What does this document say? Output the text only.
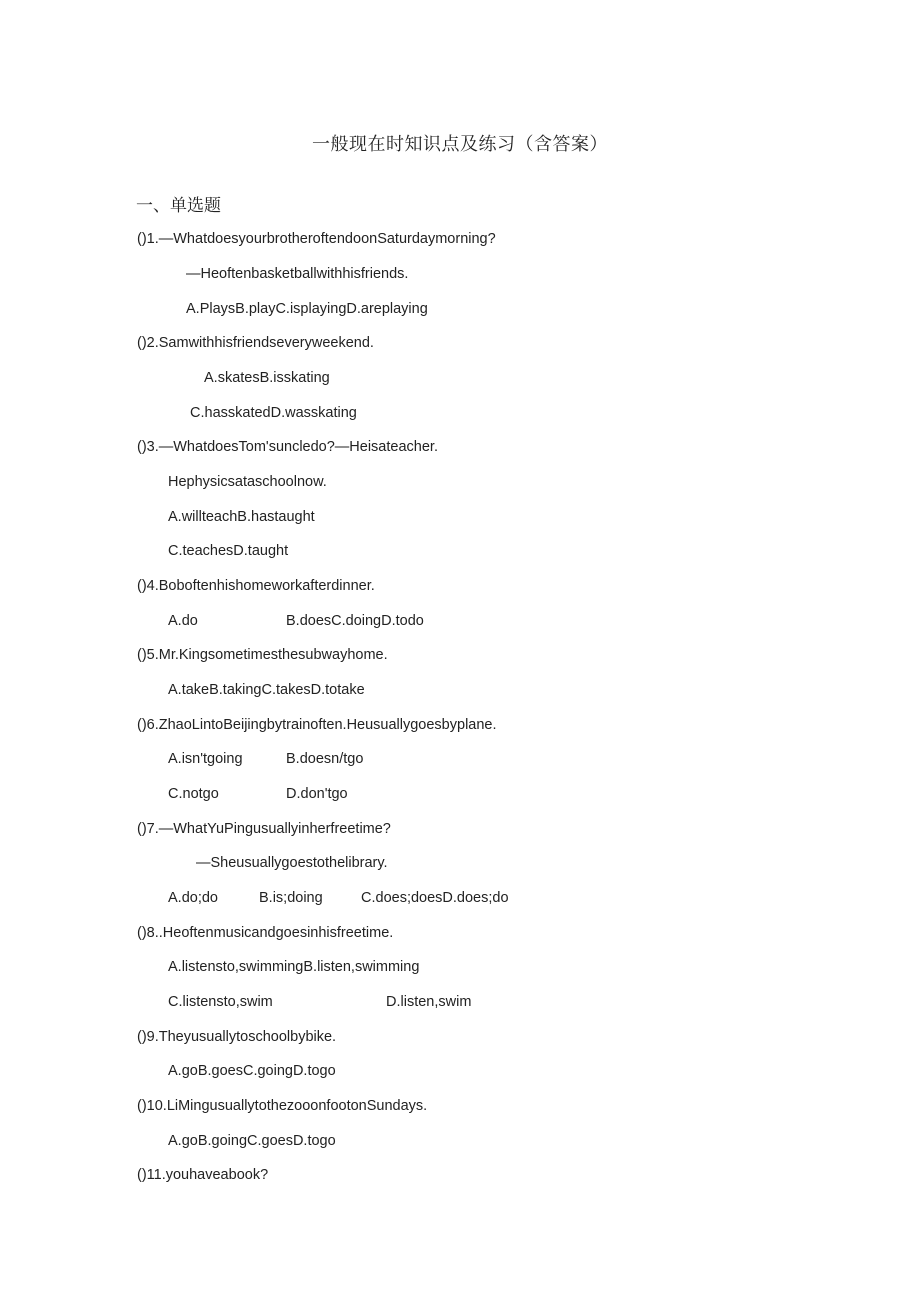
一般现在时知识点及练习（含答案）
一、单选题
()1.—WhatdoesyourbrotheroftendoonSaturdaymorning?
—Heoftenbasketballwithhisfriends.
A.PlaysB.playC.isplayingD.areplaying
()2.Samwithhisfriendseveryweekend.
A.skatesB.isskating
C.hasskatedD.wasskating
()3.—WhatdoesTom'suncledo?—Heisateacher.
Hephysicsataschoolnow.
A.willteachB.hastaught
C.teachesD.taught
()4.Boboftenhishomeworkafterdinner.
A.do	B.doesC.doingD.todo
()5.Mr.Kingsometimesthesubwayhome.
A.takeB.takingC.takesD.totake
()6.ZhaoLintoBeijingbytrainoften.Heusuallygoesbyplane.
A.isn'tgoing	B.doesn/tgo
C.notgo	D.don'tgo
()7.—WhatYuPingusuallyinherfreetime?
—Sheusuallygoestothelibrary.
A.do;do	B.is;doing	C.does;doesD.does;do
()8..Heoftenmusicandgoesinhisfreetime.
A.listensto,swimmingB.listen,swimming
C.listensto,swim	D.listen,swim
()9.Theyusuallytoschoolbybike.
A.goB.goesC.goingD.togo
()10.LiMingusuallytothezoоonfootonSundays.
A.goB.goingC.goesD.togo
()11.youhaveabook?
